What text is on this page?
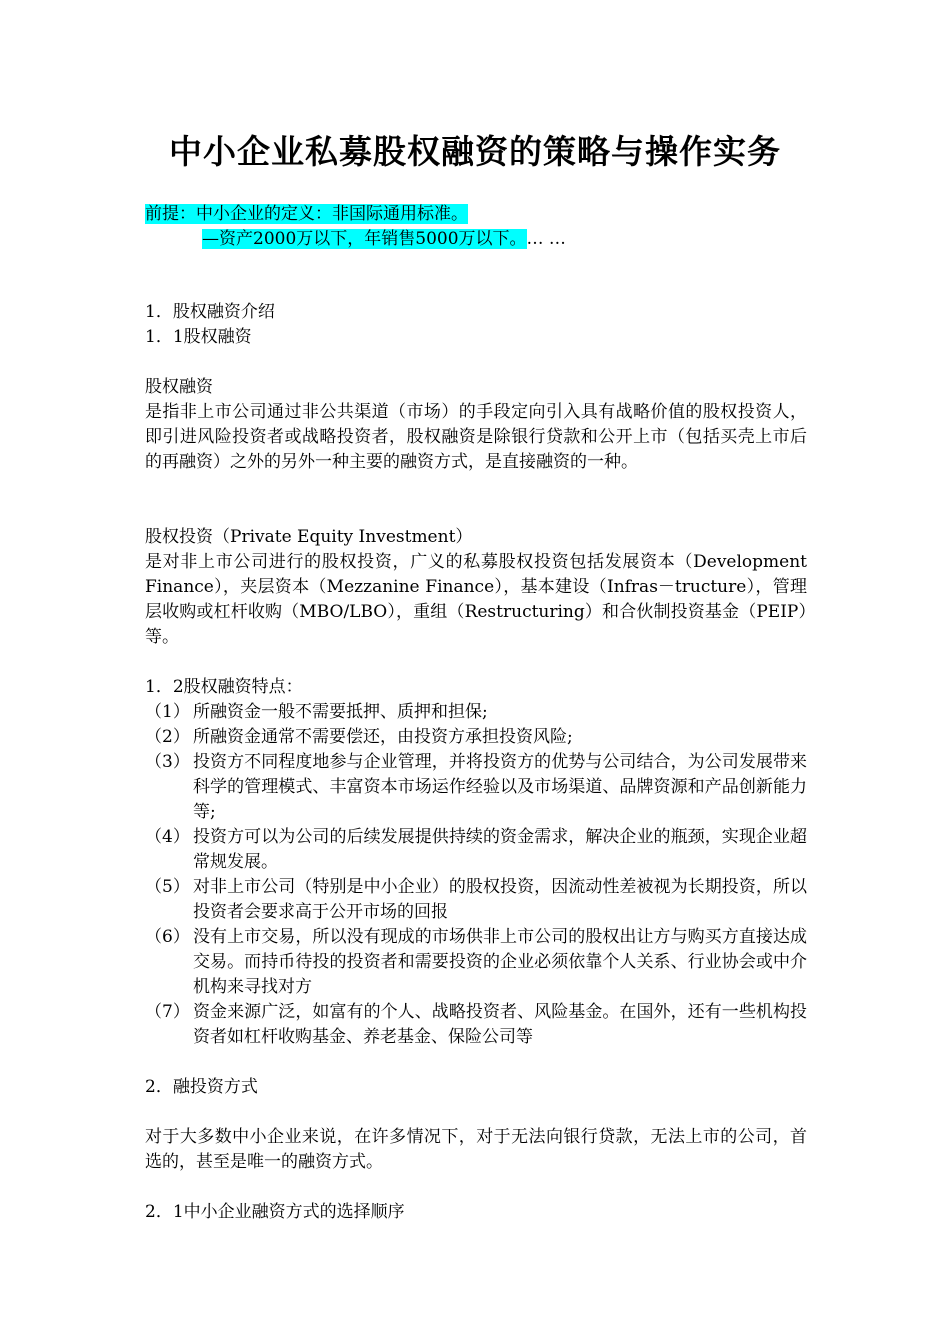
中小企业私募股权融资的策略与操作实务
前提：中小企业的定义：非国际通用标准。
—资产2000万以下，年销售5000万以下。… …
1．股权融资介绍
1．1股权融资
股权融资

是指非上市公司通过非公共渠道（市场）的手段定向引入具有战略价值的股权投资人，即引进风险投资者或战略投资者，股权融资是除银行贷款和公开上市（包括买壳上市后的再融资）之外的另外一种主要的融资方式，是直接融资的一种。

股权投资（Private Equity Investment）

是对非上市公司进行的股权投资，广义的私募股权投资包括发展资本（Development Finance），夹层资本（Mezzanine Finance），基本建设（Infras－tructure），管理层收购或杠杆收购（MBO/LBO），重组（Restructuring）和合伙制投资基金（PEIP）等。

1．2股权融资特点：
（1） 所融资金一般不需要抵押、质押和担保;
（2） 所融资金通常不需要偿还，由投资方承担投资风险;
（3） 投资方不同程度地参与企业管理，并将投资方的优势与公司结合，为公司发展带来科学的管理模式、丰富资本市场运作经验以及市场渠道、品牌资源和产品创新能力等;
（4） 投资方可以为公司的后续发展提供持续的资金需求，解决企业的瓶颈，实现企业超常规发展。
（5） 对非上市公司（特别是中小企业）的股权投资，因流动性差被视为长期投资，所以投资者会要求高于公开市场的回报
（6） 没有上市交易，所以没有现成的市场供非上市公司的股权出让方与购买方直接达成交易。而持币待投的投资者和需要投资的企业必须依靠个人关系、行业协会或中介机构来寻找对方
（7） 资金来源广泛，如富有的个人、战略投资者、风险基金。在国外，还有一些机构投资者如杠杆收购基金、养老基金、保险公司等
2．融投资方式

对于大多数中小企业来说，在许多情况下，对于无法向银行贷款，无法上市的公司，首选的，甚至是唯一的融资方式。

2．1中小企业融资方式的选择顺序
